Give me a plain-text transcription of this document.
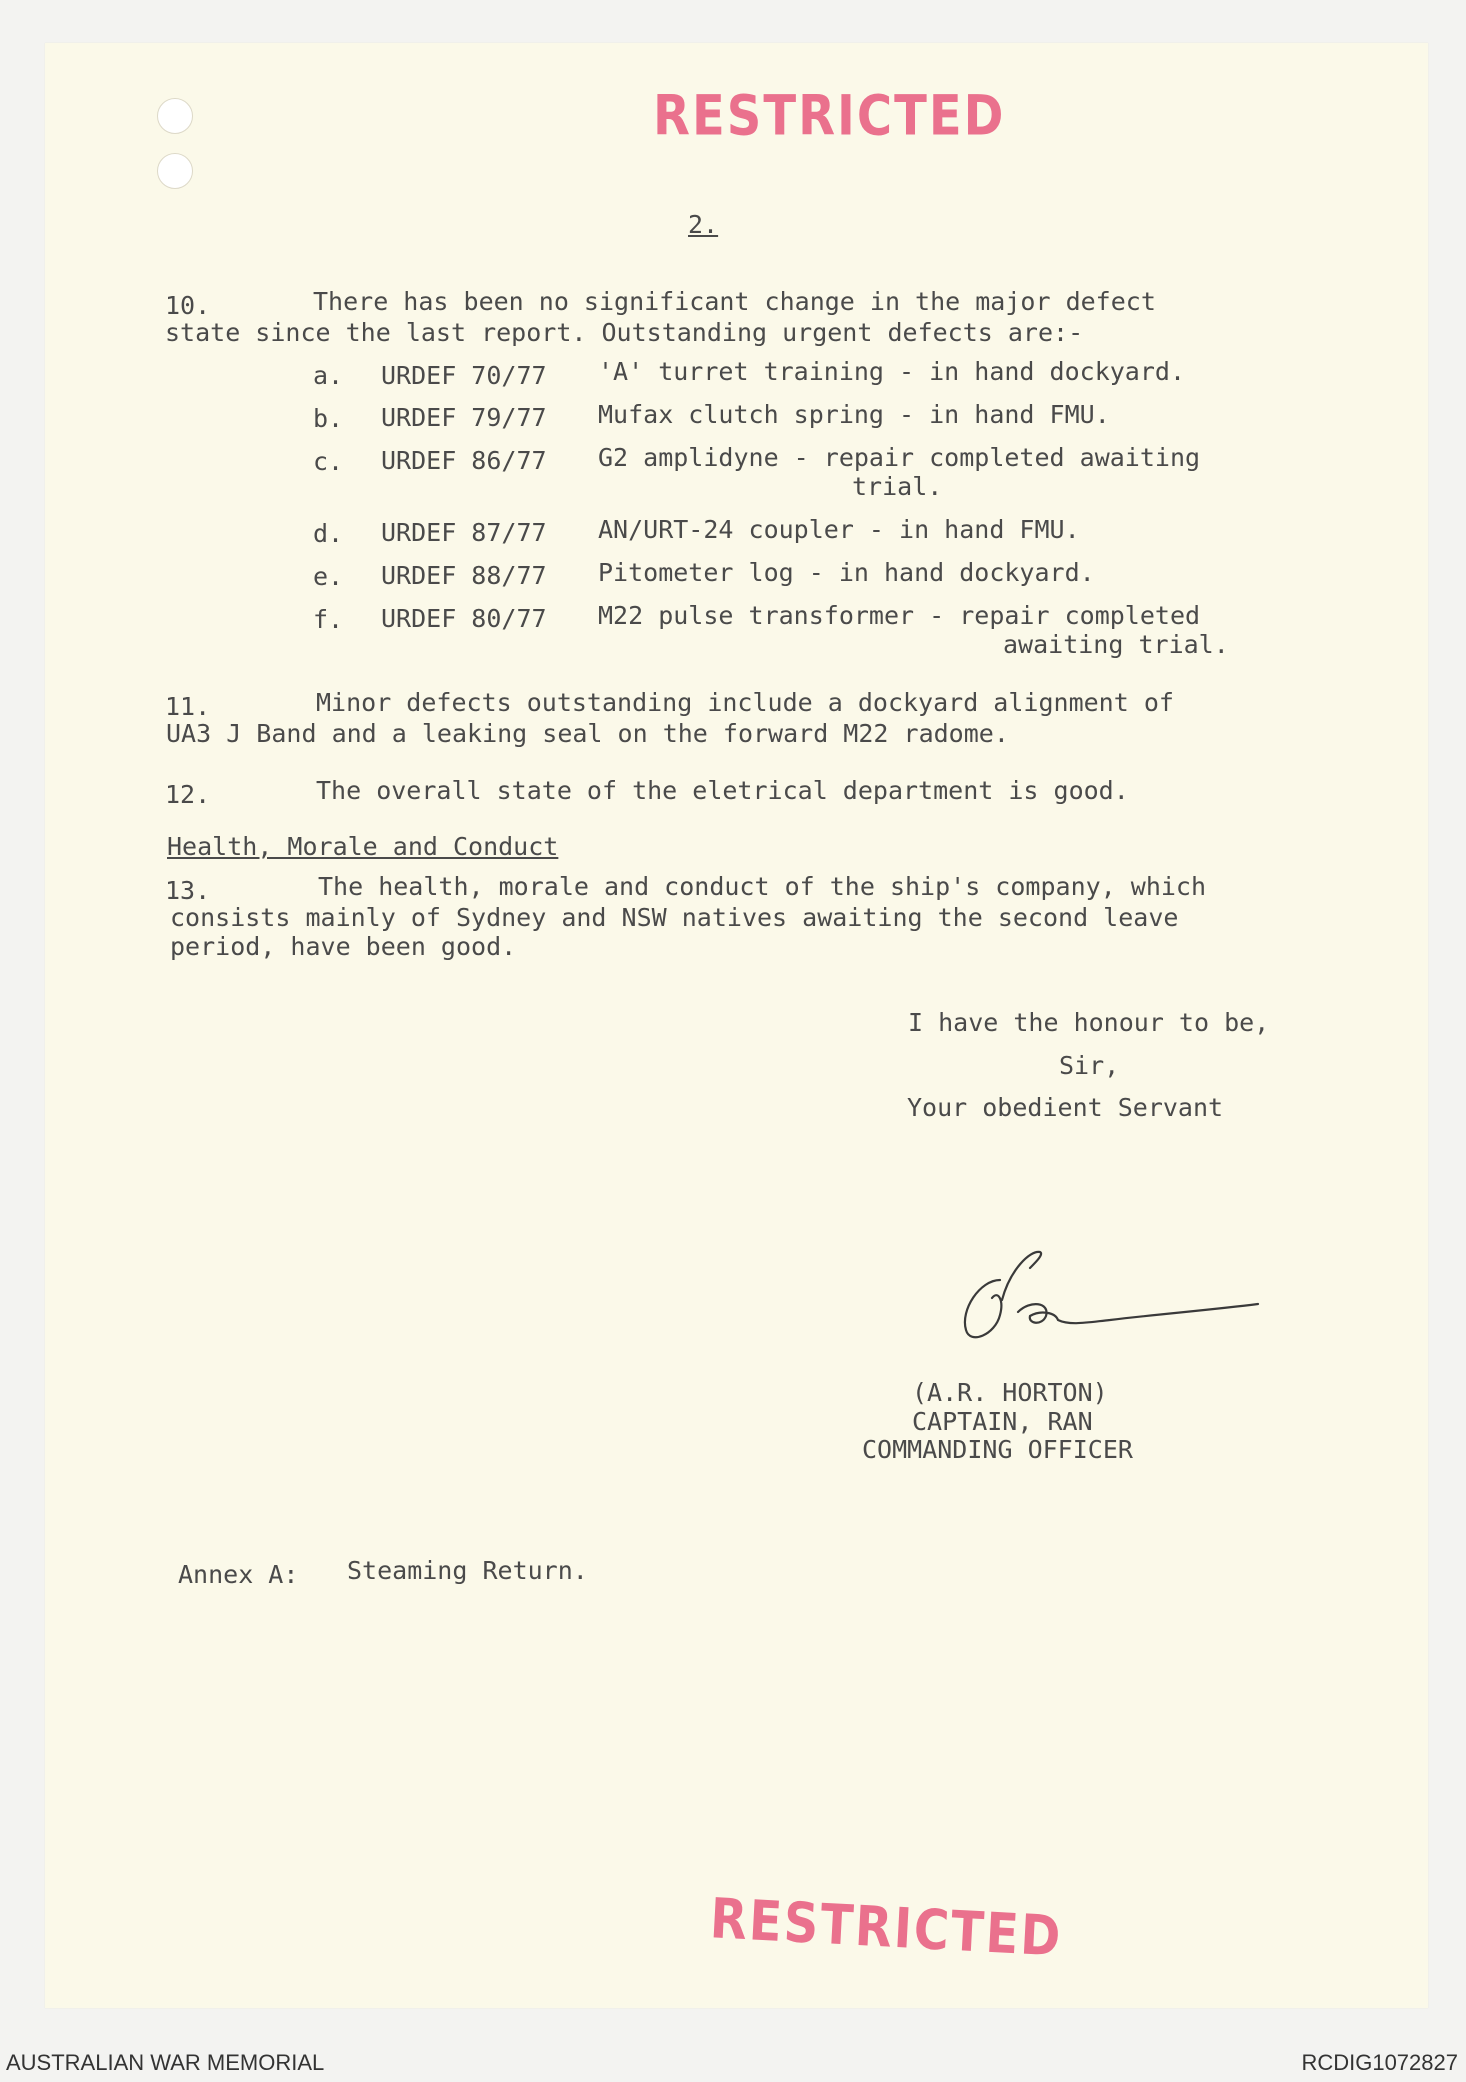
RESTRICTED
2.
10.	There has been no significant change in the major defect
state since the last report. Outstanding urgent defects are:-
a. URDEF 70/77 'A' turret training - in hand dockyard.
b. URDEF 79/77 Mufax clutch spring - in hand FMU.
c. URDEF 86/77 G2 amplidyne - repair completed awaiting
trial.
d. URDEF 87/77 AN/URT-24 coupler - in hand FMU.
e. URDEF 88/77 Pitometer log - in hand dockyard.
f. URDEF 80/77 M22 pulse transformer - repair completed
awaiting trial.
11.	Minor defects outstanding include a dockyard alignment of
UA3 J Band and a leaking seal on the forward M22 radome.
12.	The overall state of the eletrical department is good.
Health, Morale and Conduct
13.	The health, morale and conduct of the ship's company, which
consists mainly of Sydney and NSW natives awaiting the second leave
period, have been good.
I have the honour to be,
Sir,
Your obedient Servant
(A.R. HORTON)
CAPTAIN, RAN
COMMANDING OFFICER
Annex A: Steaming Return.
RESTRICTED
AUSTRALIAN WAR MEMORIAL	RCDIG1072827
